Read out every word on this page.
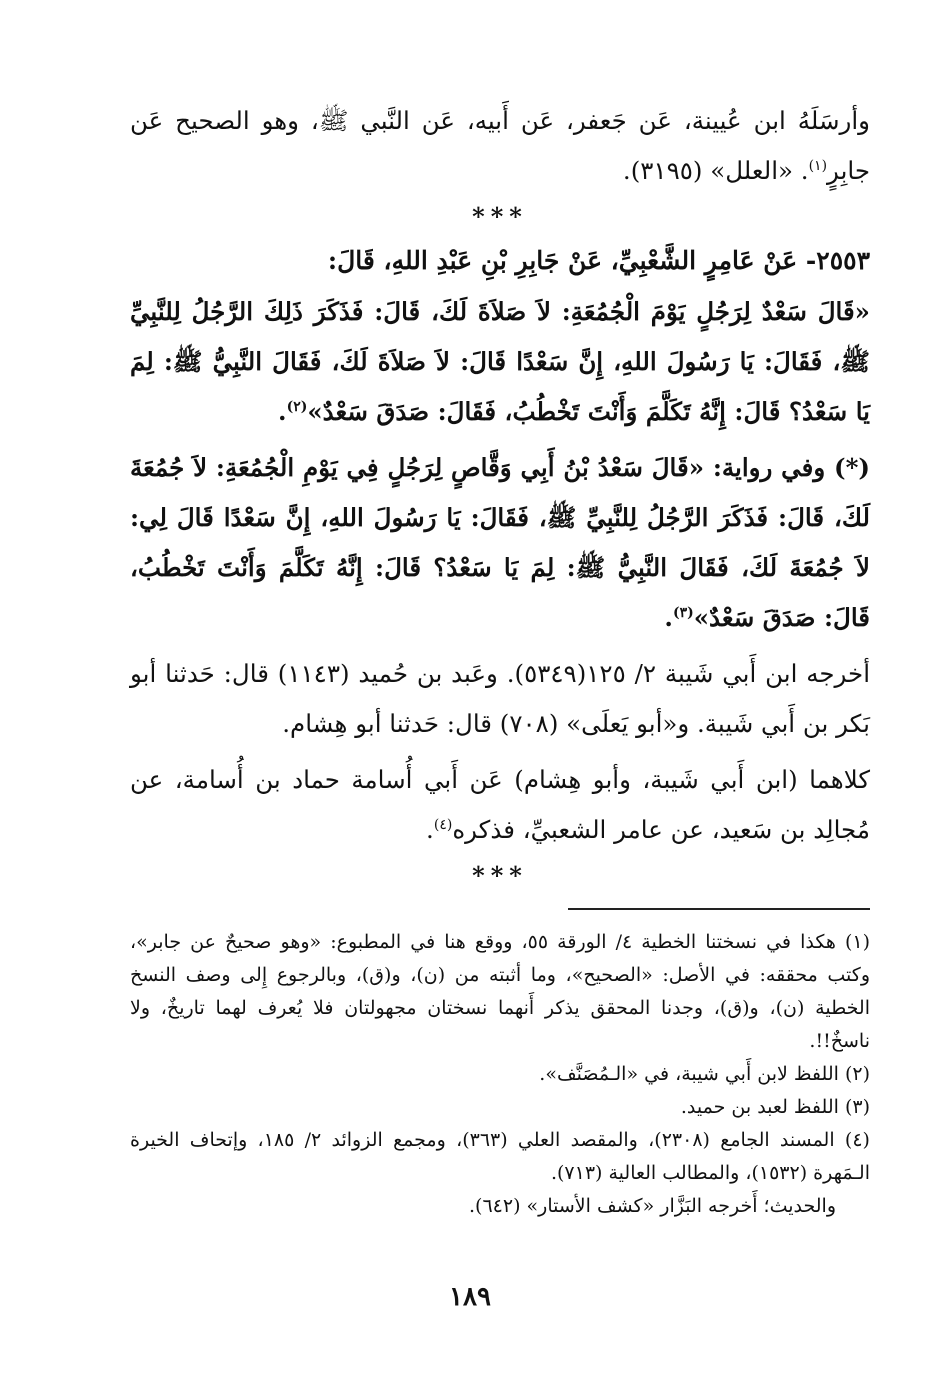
وأرسَلَهُ ابن عُيينة، عَن جَعفر، عَن أَبيه، عَن النَّبي ﷺ، وهو الصحيح عَن جابِرٍ$^{(١)}$. «العلل» (٣١٩٥).

***
٢٥٥٣- عَنْ عَامِرٍ الشَّعْبِيِّ، عَنْ جَابِرِ بْنِ عَبْدِ اللهِ، قَالَ:

«قَالَ سَعْدٌ لِرَجُلٍ يَوْمَ الْجُمُعَةِ: لاَ صَلاَةَ لَكَ، قَالَ: فَذَكَرَ ذَلِكَ الرَّجُلُ لِلنَّبِيِّ ﷺ، فَقَالَ: يَا رَسُولَ اللهِ، إِنَّ سَعْدًا قَالَ: لاَ صَلاَةَ لَكَ، فَقَالَ النَّبِيُّ ﷺ: لِمَ يَا سَعْدُ؟ قَالَ: إِنَّهُ تَكَلَّمَ وَأَنْتَ تَخْطُبُ، فَقَالَ: صَدَقَ سَعْدٌ»$^{(٢)}$.

(*) وفي رواية: «قَالَ سَعْدُ بْنُ أَبِي وَقَّاصٍ لِرَجُلٍ فِي يَوْمِ الْجُمُعَةِ: لاَ جُمُعَةَ لَكَ، قَالَ: فَذَكَرَ الرَّجُلُ لِلنَّبِيِّ ﷺ، فَقَالَ: يَا رَسُولَ اللهِ، إِنَّ سَعْدًا قَالَ لِي: لاَ جُمُعَةَ لَكَ، فَقَالَ النَّبِيُّ ﷺ: لِمَ يَا سَعْدُ؟ قَالَ: إِنَّهُ تَكَلَّمَ وَأَنْتَ تَخْطُبُ، قَالَ: صَدَقَ سَعْدٌ»$^{(٣)}$.

أخرجه ابن أَبي شَيبة ٢/ ١٢٥(٥٣٤٩). وعَبد بن حُميد (١١٤٣) قال: حَدثنا أبو بَكر بن أَبي شَيبة. و«أبو يَعلَى» (٧٠٨) قال: حَدثنا أبو هِشام.

كلاهما (ابن أَبي شَيبة، وأبو هِشام) عَن أَبي أُسامة حماد بن أُسامة، عن مُجالِد بن سَعيد، عن عامر الشعبيِّ، فذكره$^{(٤)}$.

***

(١) هكذا في نسختنا الخطية ٤/ الورقة ٥٥، ووقع هنا في المطبوع: «وهو صحيحٌ عن جابر»، وكتب محققه: في الأصل: «الصحيح»، وما أثبته من (ن)، و(ق)، وبالرجوع إِلى وصف النسخ الخطية (ن)، و(ق)، وجدنا المحقق يذكر أَنهما نسختان مجهولتان فلا يُعرف لهما تاريخٌ، ولا ناسخٌ!!.

(٢) اللفظ لابن أَبي شيبة، في «الـمُصَنَّف».

(٣) اللفظ لعبد بن حميد.

(٤) المسند الجامع (٢٣٠٨)، والمقصد العلي (٣٦٣)، ومجمع الزوائد ٢/ ١٨٥، وإتحاف الخيرة الـمَهرة (١٥٣٢)، والمطالب العالية (٧١٣).

والحديث؛ أَخرجه البَزَّار «كشف الأستار» (٦٤٢).

١٨٩
